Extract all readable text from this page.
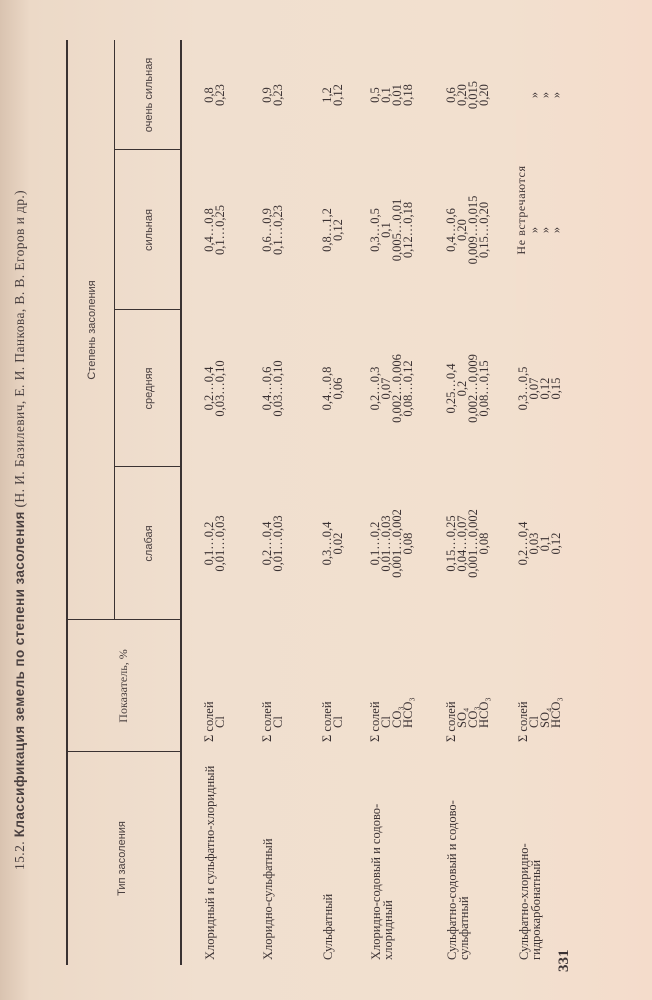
15.2. Классификация земель по степени засоления (Н. И. Базилевич, Е. И. Панкова, В. В. Егоров и др.)
Тип засоления
Показатель, %
Степень засоления
слабая
средняя
сильная
очень сильная
Хлоридный и сульфатно-хлоридный
Σ солей
Cl
0,1…0,2
0,01…0,03
0,2…0,4
0,03…0,10
0,4…0,8
0,1…0,25
0,8
0,23
Хлоридно-сульфатный
Σ солей
Cl
0,2…0,4
0,01…0,03
0,4…0,6
0,03…0,10
0,6…0,9
0,1…0,23
0,9
0,23
Сульфатный
Σ солей
Cl
0,3…0,4
0,02
0,4…0,8
0,06
0,8…1,2
0,12
1,2
0,12
Хлоридно-содовый и содово-хлоридный
Σ солей
Cl
CO₃
HCO₃
0,1…0,2
0,01…0,03
0,001…0,002
0,08
0,2…0,3
0,07
0,002…0,006
0,08…0,12
0,3…0,5
0,1
0,005…0,01
0,12…0,18
0,5
0,1
0,01
0,18
Сульфатно-содовый и содово-сульфатный
Σ солей
SO₄
CO₃
HCO₃
0,15…0,25
0,04…0,07
0,001…0,002
0,08
0,25…0,4
0,2
0,002…0,009
0,08…0,15
0,4…0,6
0,20
0,009…0,015
0,15…0,20
0,6
0,20
0,015
0,20
Сульфатно-хлоридно-гидрокарбонатный
Σ солей
Cl
SO₄
HCO₃
0,2…0,4
0,03
0,1
0,12
0,3…0,5
0,07
0,12
0,15
»
»
»
»
»
»
Не встречаются
331
